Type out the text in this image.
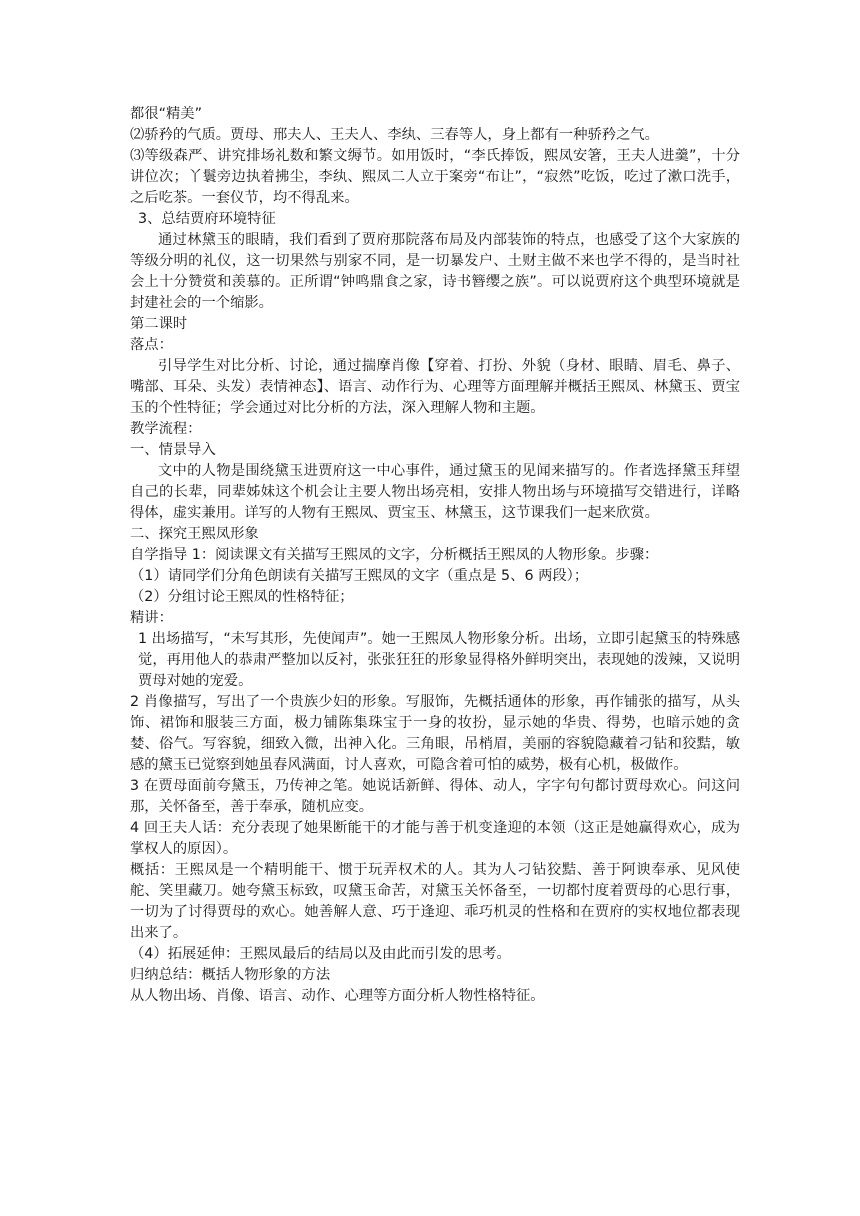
都很“精美”

⑵骄矜的气质。贾母、邢夫人、王夫人、李纨、三春等人，身上都有一种骄矜之气。

⑶等级森严、讲究排场礼数和繁文缛节。如用饭时，“李氏捧饭，熙凤安箸，王夫人进羹”，十分讲位次；丫鬟旁边执着拂尘，李纨、熙凤二人立于案旁“布让”，“寂然”吃饭，吃过了漱口洗手，之后吃茶。一套仪节，均不得乱来。

3、总结贾府环境特征

通过林黛玉的眼睛，我们看到了贾府那院落布局及内部装饰的特点，也感受了这个大家族的等级分明的礼仪，这一切果然与别家不同，是一切暴发户、土财主做不来也学不得的，是当时社会上十分赞赏和羡慕的。正所谓“钟鸣鼎食之家，诗书簪缨之族”。可以说贾府这个典型环境就是封建社会的一个缩影。

第二课时

落点：

引导学生对比分析、讨论，通过揣摩肖像【穿着、打扮、外貌（身材、眼睛、眉毛、鼻子、嘴部、耳朵、头发）表情神态】、语言、动作行为、心理等方面理解并概括王熙凤、林黛玉、贾宝玉的个性特征；学会通过对比分析的方法，深入理解人物和主题。

教学流程：

一、情景导入

文中的人物是围绕黛玉进贾府这一中心事件，通过黛玉的见闻来描写的。作者选择黛玉拜望自己的长辈，同辈姊妹这个机会让主要人物出场亮相，安排人物出场与环境描写交错进行，详略得体，虚实兼用。详写的人物有王熙凤、贾宝玉、林黛玉，这节课我们一起来欣赏。

二、探究王熙凤形象

自学指导 1：阅读课文有关描写王熙凤的文字，分析概括王熙凤的人物形象。步骤：

（1）请同学们分角色朗读有关描写王熙凤的文字（重点是 5、6 两段）；

（2）分组讨论王熙凤的性格特征；

精讲：

1 出场描写，“未写其形，先使闻声”。她一王熙凤人物形象分析。出场，立即引起黛玉的特殊感觉，再用他人的恭肃严整加以反衬，张张狂狂的形象显得格外鲜明突出，表现她的泼辣，又说明贾母对她的宠爱。

2 肖像描写，写出了一个贵族少妇的形象。写服饰，先概括通体的形象，再作铺张的描写，从头饰、裙饰和服装三方面，极力铺陈集珠宝于一身的妆扮，显示她的华贵、得势，也暗示她的贪婪、俗气。写容貌，细致入微，出神入化。三角眼，吊梢眉，美丽的容貌隐藏着刁钻和狡黠，敏感的黛玉已觉察到她虽春风满面，讨人喜欢，可隐含着可怕的威势，极有心机，极做作。

3 在贾母面前夸黛玉，乃传神之笔。她说话新鲜、得体、动人，字字句句都讨贾母欢心。问这问那，关怀备至，善于奉承，随机应变。

4 回王夫人话：充分表现了她果断能干的才能与善于机变逢迎的本领（这正是她赢得欢心，成为掌权人的原因）。

概括：王熙凤是一个精明能干、惯于玩弄权术的人。其为人刁钻狡黠、善于阿谀奉承、见风使舵、笑里藏刀。她夸黛玉标致，叹黛玉命苦，对黛玉关怀备至，一切都忖度着贾母的心思行事，一切为了讨得贾母的欢心。她善解人意、巧于逢迎、乖巧机灵的性格和在贾府的实权地位都表现出来了。

（4）拓展延伸：王熙凤最后的结局以及由此而引发的思考。

归纳总结：概括人物形象的方法

从人物出场、肖像、语言、动作、心理等方面分析人物性格特征。
